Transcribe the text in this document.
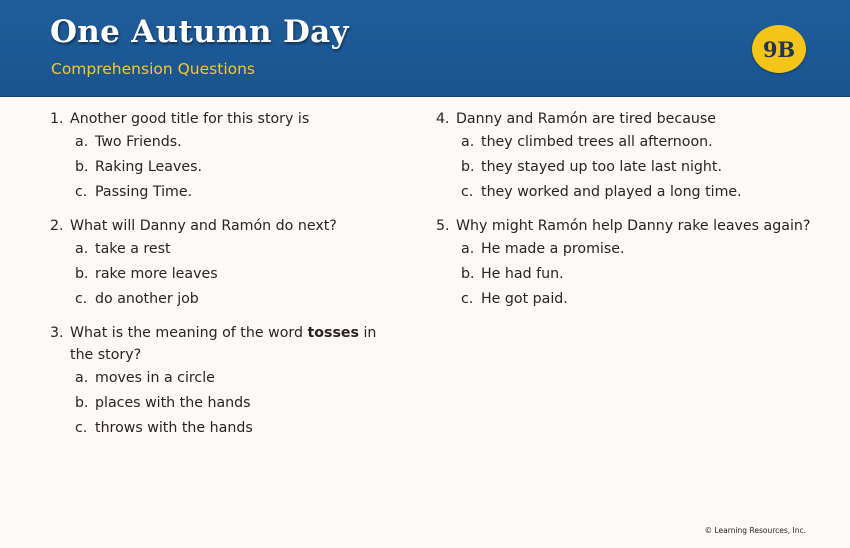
One Autumn Day
Comprehension Questions
9B
1. Another good title for this story is
a. Two Friends.
b. Raking Leaves.
c. Passing Time.
2. What will Danny and Ramón do next?
a. take a rest
b. rake more leaves
c. do another job
3. What is the meaning of the word tosses in the story?
a. moves in a circle
b. places with the hands
c. throws with the hands
4. Danny and Ramón are tired because
a. they climbed trees all afternoon.
b. they stayed up too late last night.
c. they worked and played a long time.
5. Why might Ramón help Danny rake leaves again?
a. He made a promise.
b. He had fun.
c. He got paid.
© Learning Resources, Inc.
